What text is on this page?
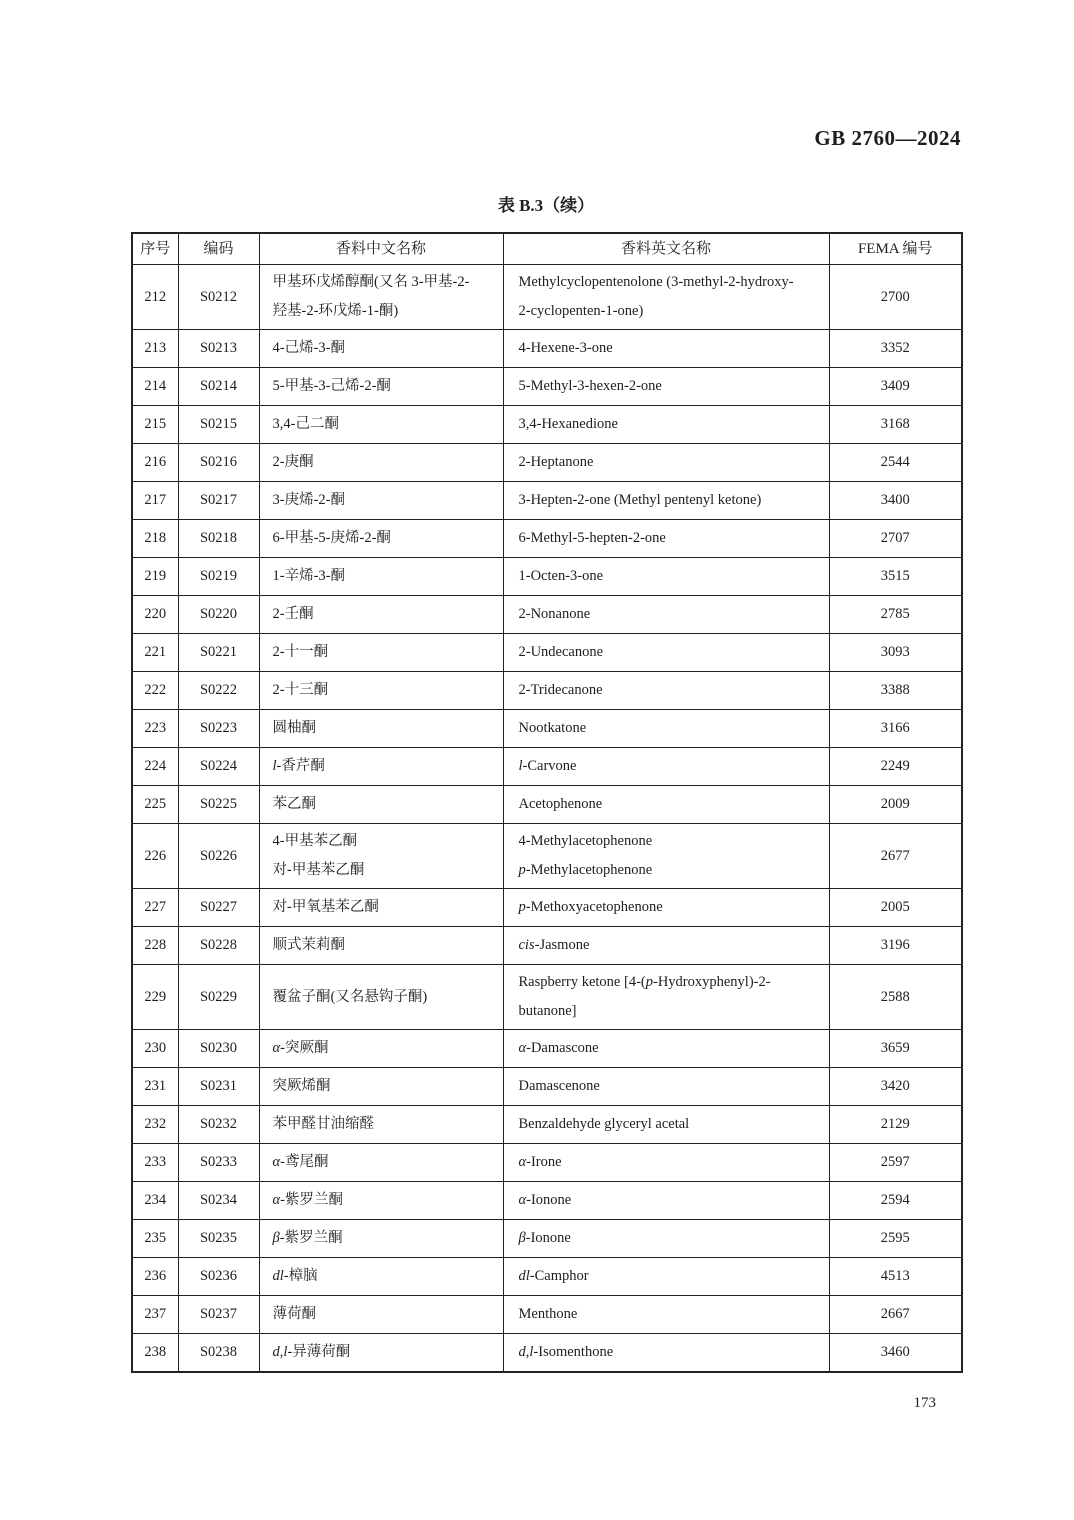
GB 2760—2024
表 B.3（续）
序号	编码	香料中文名称	香料英文名称	FEMA 编号
212	S0212	甲基环戊烯醇酮(又名 3-甲基-2-
羟基-2-环戊烯-1-酮)	Methylcyclopentenolone (3-methyl-2-hydroxy-
2-cyclopenten-1-one)	2700
213	S0213	4-己烯-3-酮	4-Hexene-3-one	3352
214	S0214	5-甲基-3-己烯-2-酮	5-Methyl-3-hexen-2-one	3409
215	S0215	3,4-己二酮	3,4-Hexanedione	3168
216	S0216	2-庚酮	2-Heptanone	2544
217	S0217	3-庚烯-2-酮	3-Hepten-2-one (Methyl pentenyl ketone)	3400
218	S0218	6-甲基-5-庚烯-2-酮	6-Methyl-5-hepten-2-one	2707
219	S0219	1-辛烯-3-酮	1-Octen-3-one	3515
220	S0220	2-壬酮	2-Nonanone	2785
221	S0221	2-十一酮	2-Undecanone	3093
222	S0222	2-十三酮	2-Tridecanone	3388
223	S0223	圆柚酮	Nootkatone	3166
224	S0224	l-香芹酮	l-Carvone	2249
225	S0225	苯乙酮	Acetophenone	2009
226	S0226	4-甲基苯乙酮
对-甲基苯乙酮	4-Methylacetophenone
p-Methylacetophenone	2677
227	S0227	对-甲氧基苯乙酮	p-Methoxyacetophenone	2005
228	S0228	顺式茉莉酮	cis-Jasmone	3196
229	S0229	覆盆子酮(又名悬钩子酮)	Raspberry ketone [4-(p-Hydroxyphenyl)-2-
butanone]	2588
230	S0230	α-突厥酮	α-Damascone	3659
231	S0231	突厥烯酮	Damascenone	3420
232	S0232	苯甲醛甘油缩醛	Benzaldehyde glyceryl acetal	2129
233	S0233	α-鸢尾酮	α-Irone	2597
234	S0234	α-紫罗兰酮	α-Ionone	2594
235	S0235	β-紫罗兰酮	β-Ionone	2595
236	S0236	dl-樟脑	dl-Camphor	4513
237	S0237	薄荷酮	Menthone	2667
238	S0238	d,l-异薄荷酮	d,l-Isomenthone	3460
173
